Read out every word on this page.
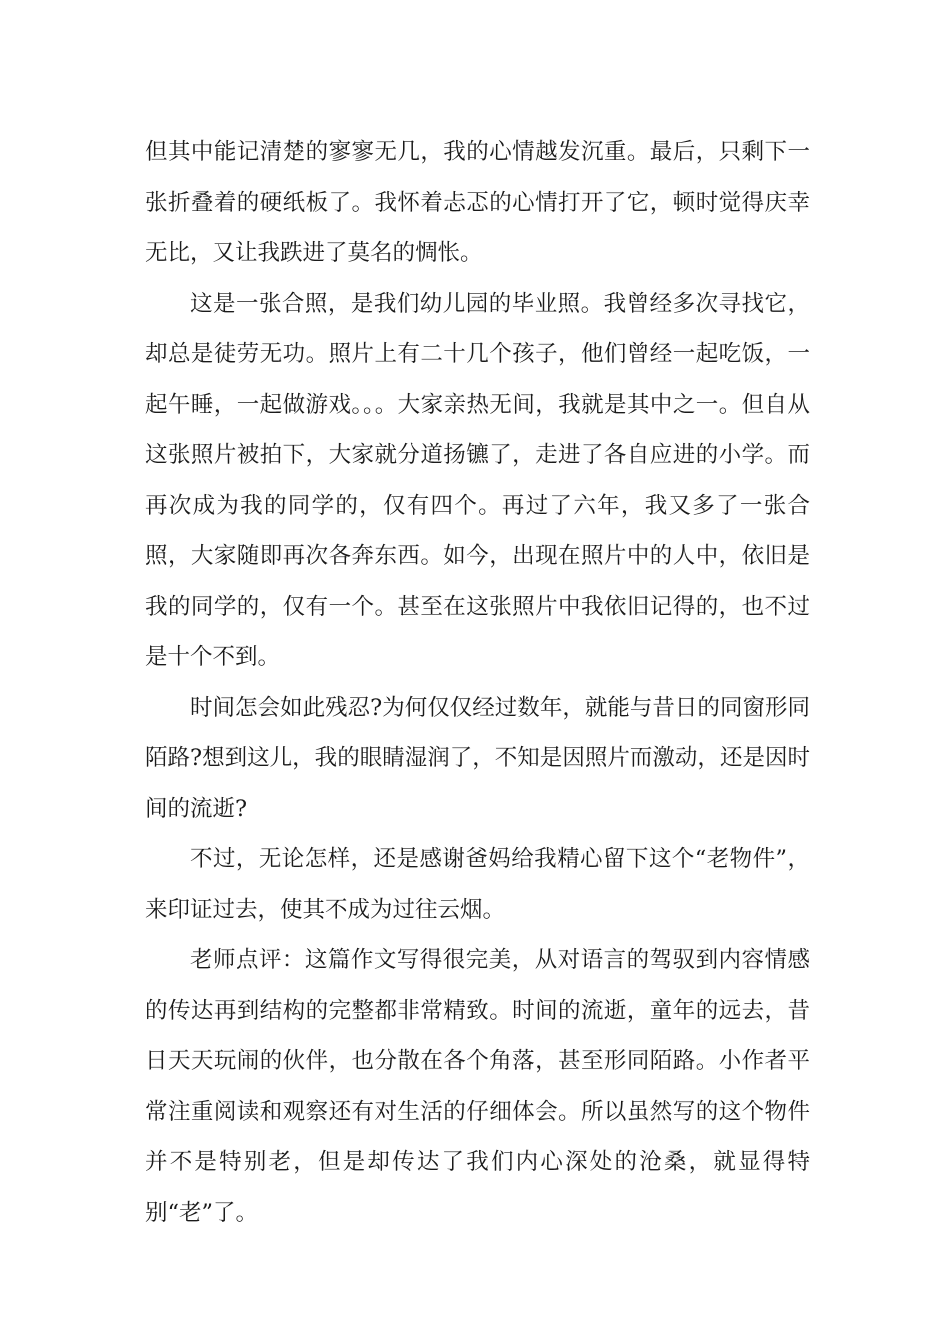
但其中能记清楚的寥寥无几，我的心情越发沉重。最后，只剩下一张折叠着的硬纸板了。我怀着忐忑的心情打开了它，顿时觉得庆幸无比，又让我跌进了莫名的惆怅。

这是一张合照，是我们幼儿园的毕业照。我曾经多次寻找它，却总是徒劳无功。照片上有二十几个孩子，他们曾经一起吃饭，一起午睡，一起做游戏。。。大家亲热无间，我就是其中之一。但自从这张照片被拍下，大家就分道扬镳了，走进了各自应进的小学。而再次成为我的同学的，仅有四个。再过了六年，我又多了一张合照，大家随即再次各奔东西。如今，出现在照片中的人中，依旧是我的同学的，仅有一个。甚至在这张照片中我依旧记得的，也不过是十个不到。

时间怎会如此残忍?为何仅仅经过数年，就能与昔日的同窗形同陌路?想到这儿，我的眼睛湿润了，不知是因照片而激动，还是因时间的流逝?

不过，无论怎样，还是感谢爸妈给我精心留下这个“老物件”，来印证过去，使其不成为过往云烟。

老师点评：这篇作文写得很完美，从对语言的驾驭到内容情感的传达再到结构的完整都非常精致。时间的流逝，童年的远去，昔日天天玩闹的伙伴，也分散在各个角落，甚至形同陌路。小作者平常注重阅读和观察还有对生活的仔细体会。所以虽然写的这个物件并不是特别老，但是却传达了我们内心深处的沧桑，就显得特别“老”了。
